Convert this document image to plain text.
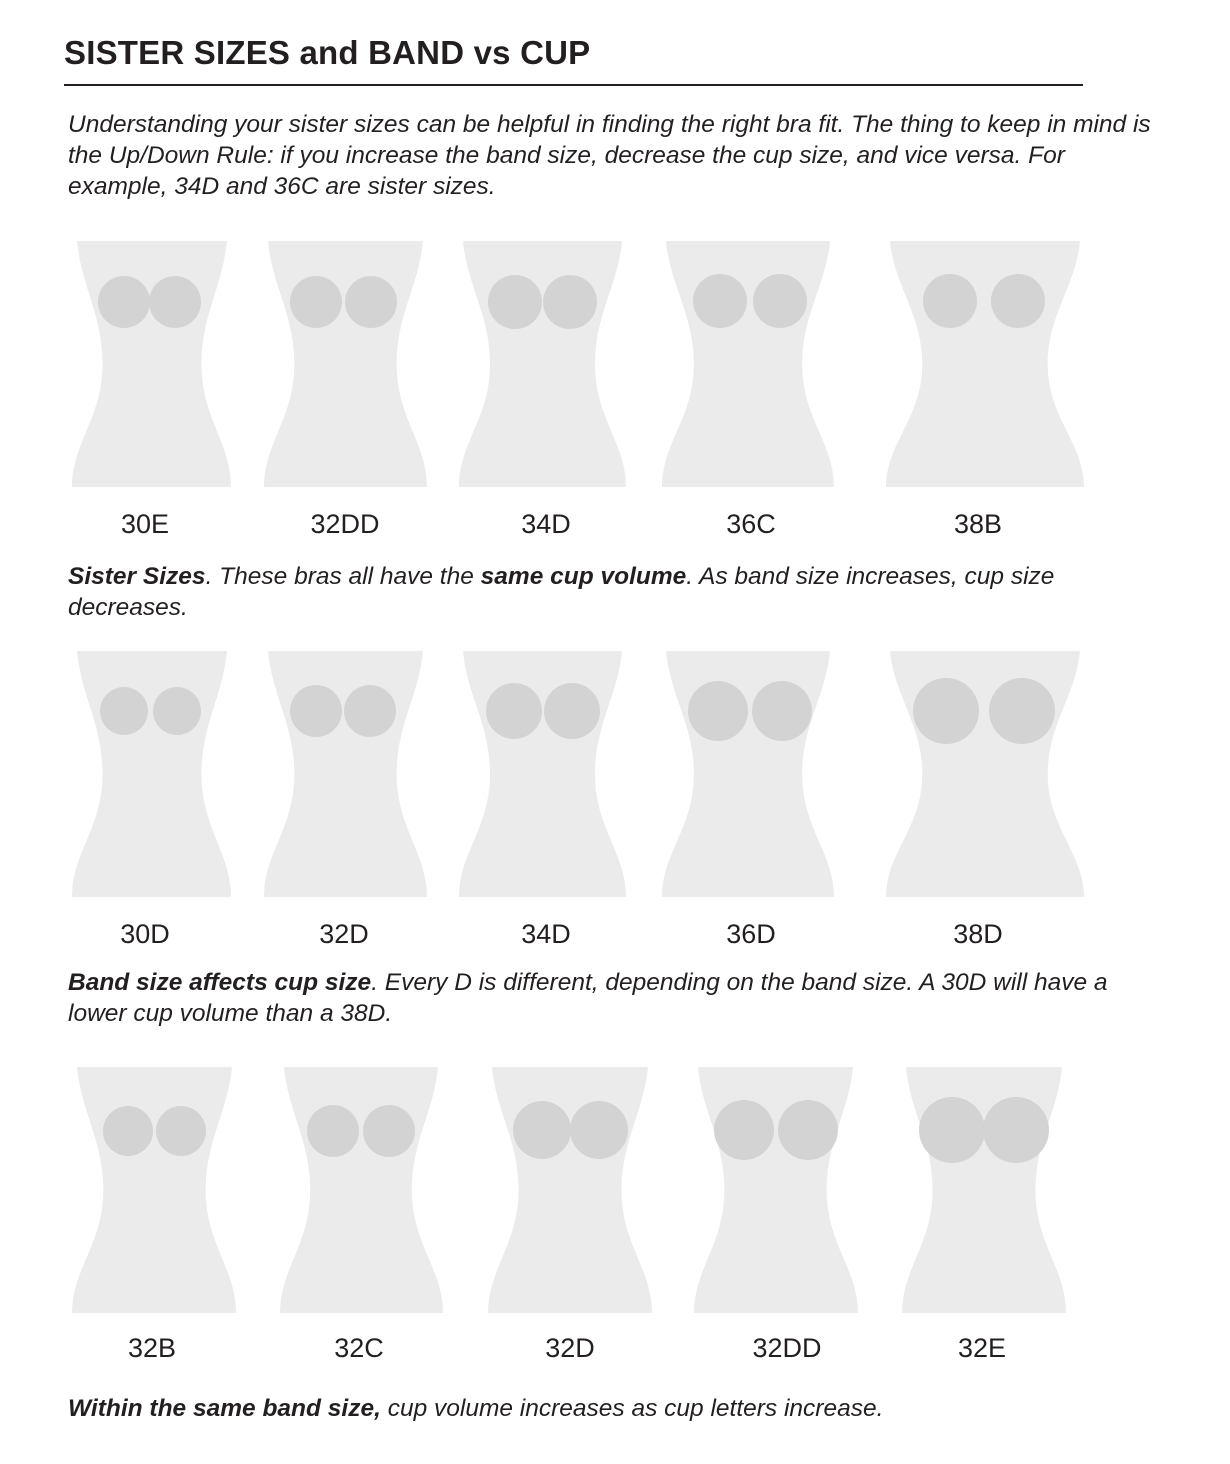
SISTER SIZES and BAND vs CUP

Understanding your sister sizes can be helpful in finding the right bra fit. The thing to keep in mind is the Up/Down Rule: if you increase the band size, decrease the cup size, and vice versa. For example, 34D and 36C are sister sizes.

30E	32DD	34D	36C	38B
30D	32D	34D	36D	38D
32B	32C	32D	32DD	32E

Sister Sizes. These bras all have the same cup volume. As band size increases, cup size decreases.

Band size affects cup size. Every D is different, depending on the band size. A 30D will have a lower cup volume than a 38D.

Within the same band size, cup volume increases as cup letters increase.
